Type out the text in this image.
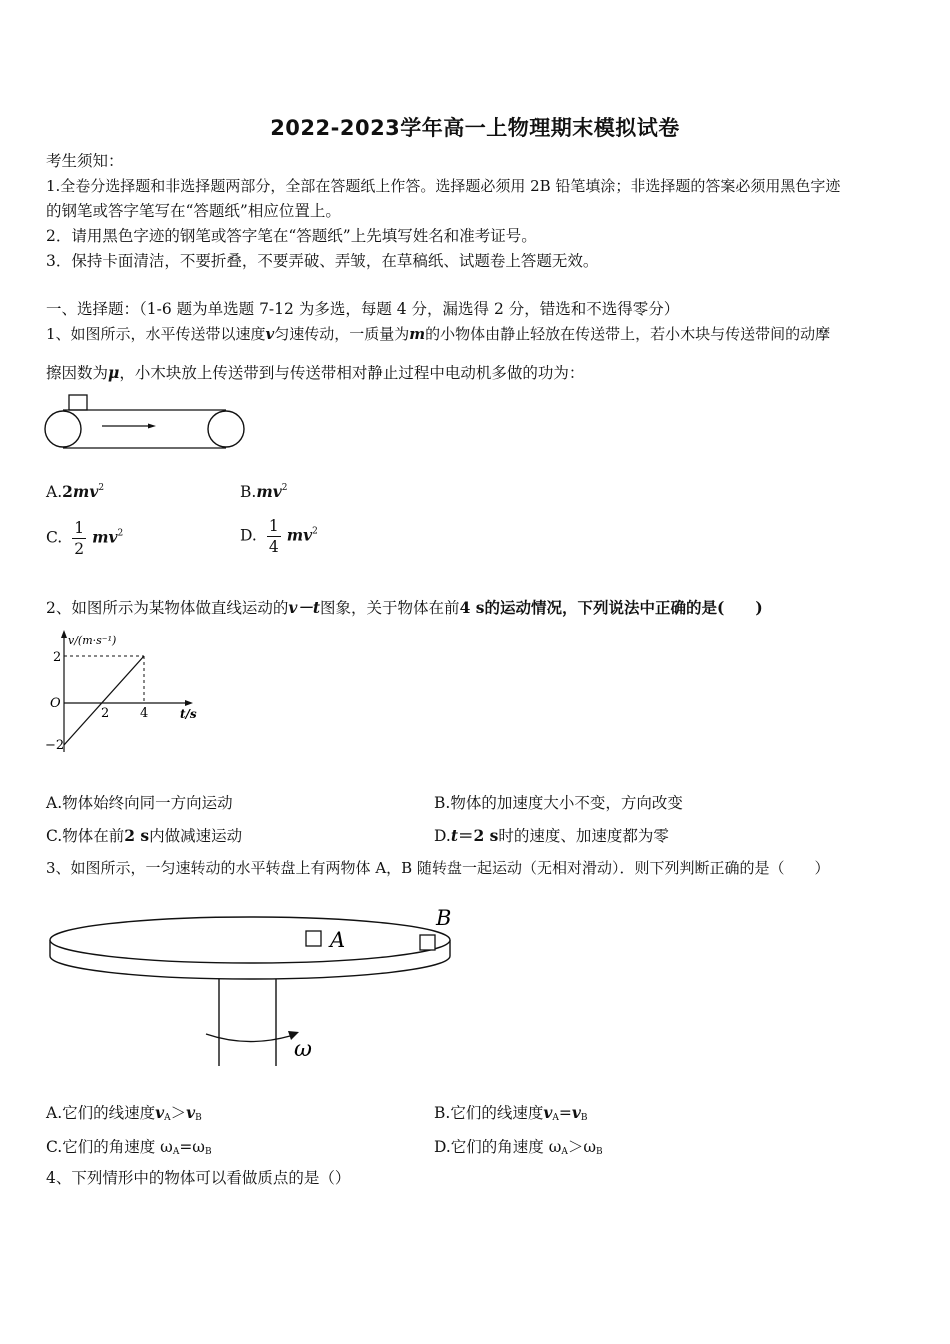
2022-2023学年高一上物理期末模拟试卷
考生须知：
1.全卷分选择题和非选择题两部分，全部在答题纸上作答。选择题必须用 2B 铅笔填涂；非选择题的答案必须用黑色字迹
的钢笔或答字笔写在“答题纸”相应位置上。
2．请用黑色字迹的钢笔或答字笔在“答题纸”上先填写姓名和准考证号。
3．保持卡面清洁，不要折叠，不要弄破、弄皱，在草稿纸、试题卷上答题无效。
一、选择题：（1-6 题为单选题 7-12 为多选，每题 4 分，漏选得 2 分，错选和不选得零分）
1、如图所示，水平传送带以速度v匀速传动，一质量为m的小物体由静止轻放在传送带上，若小木块与传送带间的动摩
擦因数为μ，小木块放上传送带到与传送带相对静止过程中电动机多做的功为：
$A.2mv^2$	$B.mv^2$
C. $\frac{1}{2} mv^2$	D. $\frac{1}{4} mv^2$
2、如图所示为某物体做直线运动的v－t图象，关于物体在前4 s的运动情况，下列说法中正确的是(　　)
v/(m·s⁻¹)
t/s
O
2
−2
2 4
A.物体始终向同一方向运动	B.物体的加速度大小不变，方向改变
C.物体在前2 s内做减速运动	D.t＝2 s时的速度、加速度都为零
3、如图所示，一匀速转动的水平转盘上有两物体 A，B 随转盘一起运动（无相对滑动）．则下列判断正确的是（　　）
A
B
ω
A.它们的线速度$v_A>v_B$	B.它们的线速度$v_A=v_B$
C.它们的角速度 $\omega_A=\omega_B$	D.它们的角速度 $\omega_A>\omega_B$
4、下列情形中的物体可以看做质点的是（）
